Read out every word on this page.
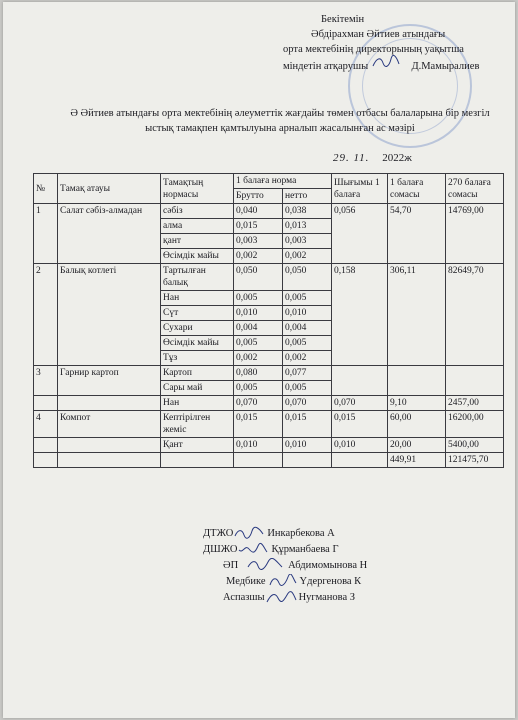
Бекітемін
Әбдірахман Әйтиев атындағы
орта мектебінің директорының уақытша
міндетін атқарушы	Д.Мамыралиев
Ә Әйтиев атындағы орта мектебінің әлеуметтік жағдайы төмен отбасы балаларына бір мезгіл ыстық тамақпен қамтылуына арналып жасалынған ас мәзірі
29. 11. 2022ж
№	Тамақ атауы	Тамақтың нормасы	1 балаға норма		Шығымы 1 балаға	1 балаға сомасы	270 балаға сомасы
			Брутто	нетто			
1	Салат сәбіз-алмадан	сәбіз	0,040	0,038	0,056	54,70	14769,00
		алма	0,015	0,013			
		қант	0,003	0,003			
		Өсімдік майы	0,002	0,002			
2	Балық котлеті	Тартылған балық	0,050	0,050	0,158	306,11	82649,70
		Нан	0,005	0,005			
		Сүт	0,010	0,010			
		Сухари	0,004	0,004			
		Өсімдік майы	0,005	0,005			
		Тұз	0,002	0,002			
3	Гарнир картоп	Картоп	0,080	0,077			
		Сары май	0,005	0,005			
		Нан	0,070	0,070	0,070	9,10	2457,00
4	Компот	Кептірілген жеміс	0,015	0,015	0,015	60,00	16200,00
		Қант	0,010	0,010	0,010	20,00	5400,00
						449,91	121475,70
ДТЖО	Инкарбекова А
ДШЖО	Құрманбаева Г
ӘП	Абдимомынова Н
Медбике	Үдергенова К
Аспазшы	Нугманова З
